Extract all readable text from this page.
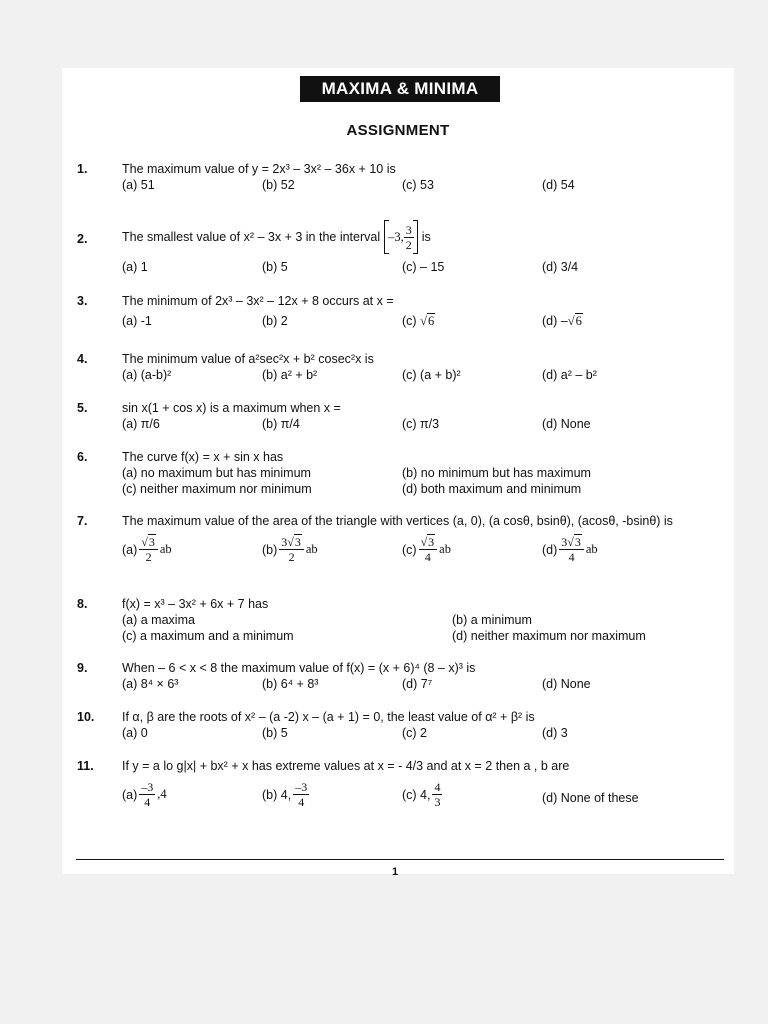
MAXIMA & MINIMA
ASSIGNMENT
1.	The maximum value of y = 2x³ – 3x² – 36x + 10 is
(a) 51	(b) 52	(c) 53	(d) 54
2.	The smallest value of x² – 3x + 3 in the interval –3, $\frac{3}{2}$ is
(a) 1	(b) 5	(c) – 15	(d) 3/4
3.	The minimum of 2x³ – 3x² – 12x + 8 occurs at x =
(a) -1	(b) 2	(c) √6	(d) –√6
4.	The minimum value of a²sec²x + b² cosec²x is
(a) (a-b)²	(b) a² + b²	(c) (a + b)²	(d) a² – b²
5.	sin x(1 + cos x) is a maximum when x =
(a) π/6	(b) π/4	(c) π/3	(d) None
6.	The curve f(x) = x + sin x has
(a) no maximum but has minimum	(b) no minimum but has maximum
(c) neither maximum nor minimum	(d) both maximum and minimum
7.	The maximum value of the area of the triangle with vertices (a, 0), (a cosθ, bsinθ), (acosθ, -bsinθ) is
$(a) \frac{√3}{2}$ ab	$(b) \frac{3√3}{2}$ ab	$(c) \frac{√3}{4}$ ab	$(d) \frac{3√3}{4}$ ab
8.	f(x) = x³ – 3x² + 6x + 7 has
(a) a maxima	(b) a minimum
(c) a maximum and a minimum	(d) neither maximum nor maximum
9.	When – 6 < x < 8 the maximum value of f(x) = (x + 6)⁴ (8 – x)³ is
(a) 8⁴ × 6³	(b) 6⁴ + 8³	(d) 7⁷	(d) None
10. If α, β are the roots of x² – (a -2) x – (a + 1) = 0, the least value of α² + β² is
(a) 0	(b) 5	(c) 2	(d) 3
11. If y = a lo g|x| + bx² + x has extreme values at x = - 4/3 and at x = 2 then a , b are
$(a) \frac{-3}{4} ,4$	(b) 4, $\frac{-3}{4}$	(c) 4, $\frac{4}{3}$	(d) None of these
1
